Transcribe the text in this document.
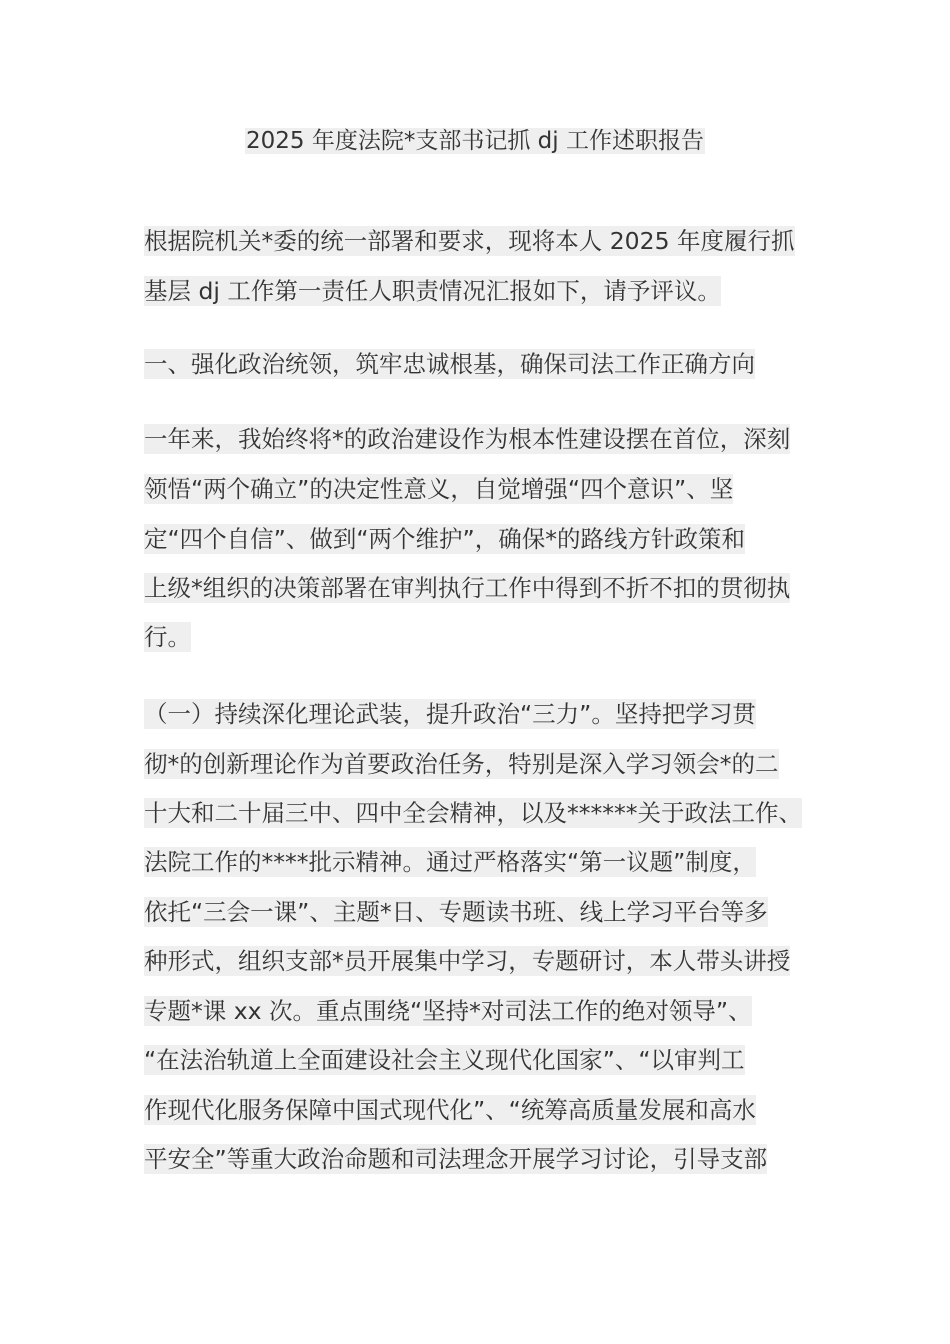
2025 年度法院*支部书记抓 dj 工作述职报告
根据院机关*委的统一部署和要求，现将本人 2025 年度履行抓
基层 dj 工作第一责任人职责情况汇报如下，请予评议。
一、强化政治统领，筑牢忠诚根基，确保司法工作正确方向
一年来，我始终将*的政治建设作为根本性建设摆在首位，深刻
领悟“两个确立”的决定性意义，自觉增强“四个意识”、坚
定“四个自信”、做到“两个维护”，确保*的路线方针政策和
上级*组织的决策部署在审判执行工作中得到不折不扣的贯彻执
行。
（一）持续深化理论武装，提升政治“三力”。坚持把学习贯
彻*的创新理论作为首要政治任务，特别是深入学习领会*的二
十大和二十届三中、四中全会精神，以及******关于政法工作、
法院工作的****批示精神。通过严格落实“第一议题”制度，
依托“三会一课”、主题*日、专题读书班、线上学习平台等多
种形式，组织支部*员开展集中学习，专题研讨，本人带头讲授
专题*课 xx 次。重点围绕“坚持*对司法工作的绝对领导”、
“在法治轨道上全面建设社会主义现代化国家”、“以审判工
作现代化服务保障中国式现代化”、“统筹高质量发展和高水
平安全”等重大政治命题和司法理念开展学习讨论，引导支部
